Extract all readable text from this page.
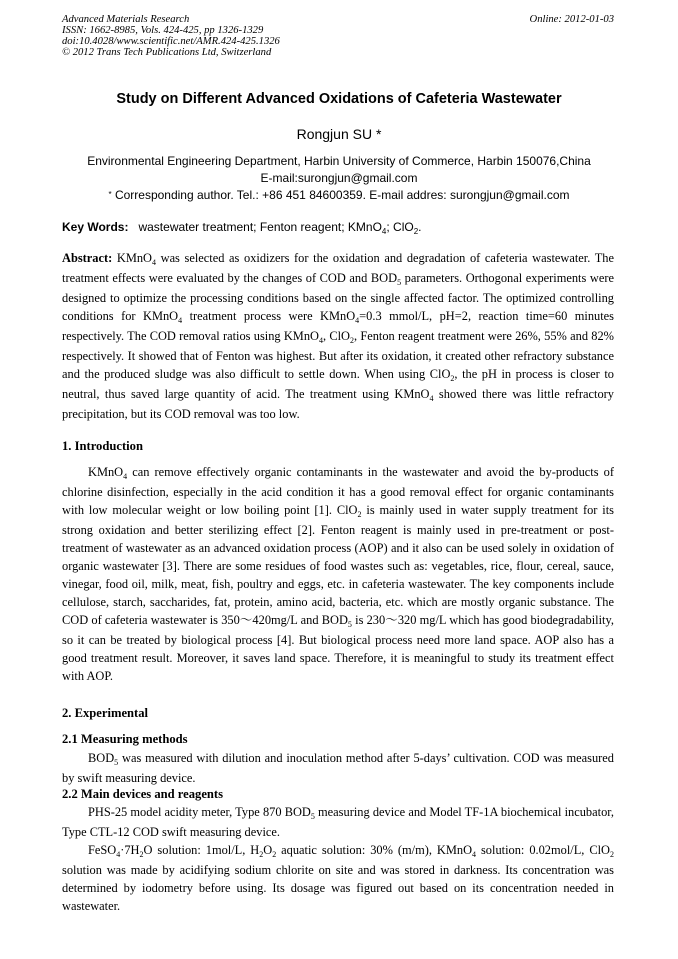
Advanced Materials Research
ISSN: 1662-8985, Vols. 424-425, pp 1326-1329
doi:10.4028/www.scientific.net/AMR.424-425.1326
© 2012 Trans Tech Publications Ltd, Switzerland
Online: 2012-01-03
Study on Different Advanced Oxidations of Cafeteria Wastewater
Rongjun SU *
Environmental Engineering Department, Harbin University of Commerce, Harbin 150076,China
E-mail:surongjun@gmail.com
* Corresponding author. Tel.: +86 451 84600359. E-mail addres: surongjun@gmail.com
Key Words: wastewater treatment; Fenton reagent; KMnO$_4$; ClO$_2$.

Abstract: KMnO$_4$ was selected as oxidizers for the oxidation and degradation of cafeteria wastewater. The treatment effects were evaluated by the changes of COD and $BOD_5$ parameters. Orthogonal experiments were designed to optimize the processing conditions based on the single affected factor. The optimized controlling conditions for KMnO$_4$ treatment process were KMnO$_4$=0.3 mmol/L, pH=2, reaction time=60 minutes respectively. The COD removal ratios using KMnO$_4$, ClO$_2$, Fenton reagent treatment were 26%, 55% and 82% respectively. It showed that of Fenton was highest. But after its oxidation, it created other refractory substance and the produced sludge was also difficult to settle down. When using ClO$_2$, the pH in process is closer to neutral, thus saved large quantity of acid. The treatment using KMnO$_4$ showed there was little refractory precipitation, but its COD removal was too low.

1. Introduction

KMnO$_4$ can remove effectively organic contaminants in the wastewater and avoid the by-products of chlorine disinfection, especially in the acid condition it has a good removal effect for organic contaminants with low molecular weight or low boiling point [1]. ClO$_2$ is mainly used in water supply treatment for its strong oxidation and better sterilizing effect [2]. Fenton reagent is mainly used in pre-treatment or post-treatment of wastewater as an advanced oxidation process (AOP) and it also can be used solely in oxidation of organic wastewater [3]. There are some residues of food wastes such as: vegetables, rice, flour, cereal, sauce, vinegar, food oil, milk, meat, fish, poultry and eggs, etc. in cafeteria wastewater. The key components include cellulose, starch, saccharides, fat, protein, amino acid, bacteria, etc. which are mostly organic substance. The COD of cafeteria wastewater is 350～420mg/L and $BOD_5$ is 230～320 mg/L which has good biodegradability, so it can be treated by biological process [4]. But biological process need more land space. AOP also has a good treatment result. Moreover, it saves land space. Therefore, it is meaningful to study its treatment effect with AOP.

2. Experimental
2.1 Measuring methods

$BOD_5$ was measured with dilution and inoculation method after 5-days’ cultivation. COD was measured by swift measuring device.

2.2 Main devices and reagents

PHS-25 model acidity meter, Type 870 $BOD_5$ measuring device and Model TF-1A biochemical incubator, Type CTL-12 COD swift measuring device.

$FeSO_4\cdot 7H_2O$ solution: 1mol/L, $H_2O_2$ aquatic solution: 30% (m/m), KMnO$_4$ solution: 0.02mol/L, ClO$_2$ solution was made by acidifying sodium chlorite on site and was stored in darkness. Its concentration was determined by iodometry before using. Its dosage was figured out based on its concentration needed in wastewater.
